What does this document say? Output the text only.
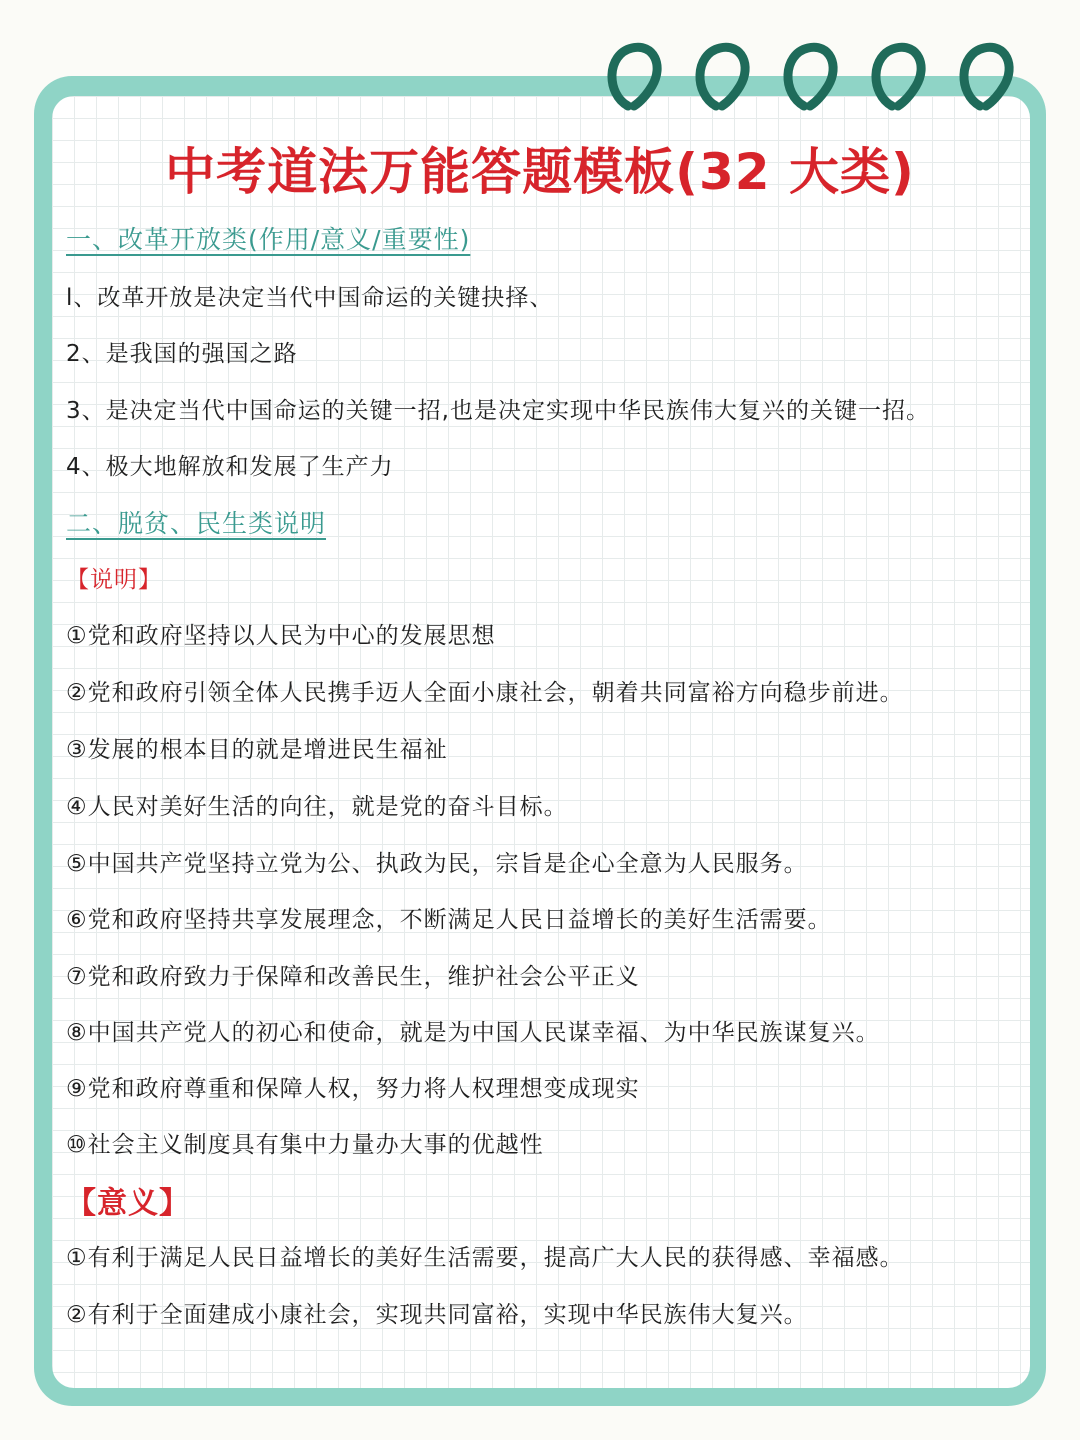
中考道法万能答题模板(32 大类)
一、改革开放类(作用/意义/重要性)
l、改革开放是决定当代中国命运的关键抉择、
2、是我国的强国之路
3、是决定当代中国命运的关键一招,也是决定实现中华民族伟大复兴的关键一招。
4、极大地解放和发展了生产力
二、脱贫、民生类说明
【说明】
①党和政府坚持以人民为中心的发展思想
②党和政府引领全体人民携手迈人全面小康社会，朝着共同富裕方向稳步前进。
③发展的根本目的就是增进民生福祉
④人民对美好生活的向往，就是党的奋斗目标。
⑤中国共产党坚持立党为公、执政为民，宗旨是企心全意为人民服务。
⑥党和政府坚持共享发展理念，不断满足人民日益增长的美好生活需要。
⑦党和政府致力于保障和改善民生，维护社会公平正义
⑧中国共产党人的初心和使命，就是为中国人民谋幸福、为中华民族谋复兴。
⑨党和政府尊重和保障人权，努力将人权理想变成现实
⑩社会主义制度具有集中力量办大事的优越性
【意义】
①有利于满足人民日益增长的美好生活需要，提高广大人民的获得感、幸福感。
②有利于全面建成小康社会，实现共同富裕，实现中华民族伟大复兴。
